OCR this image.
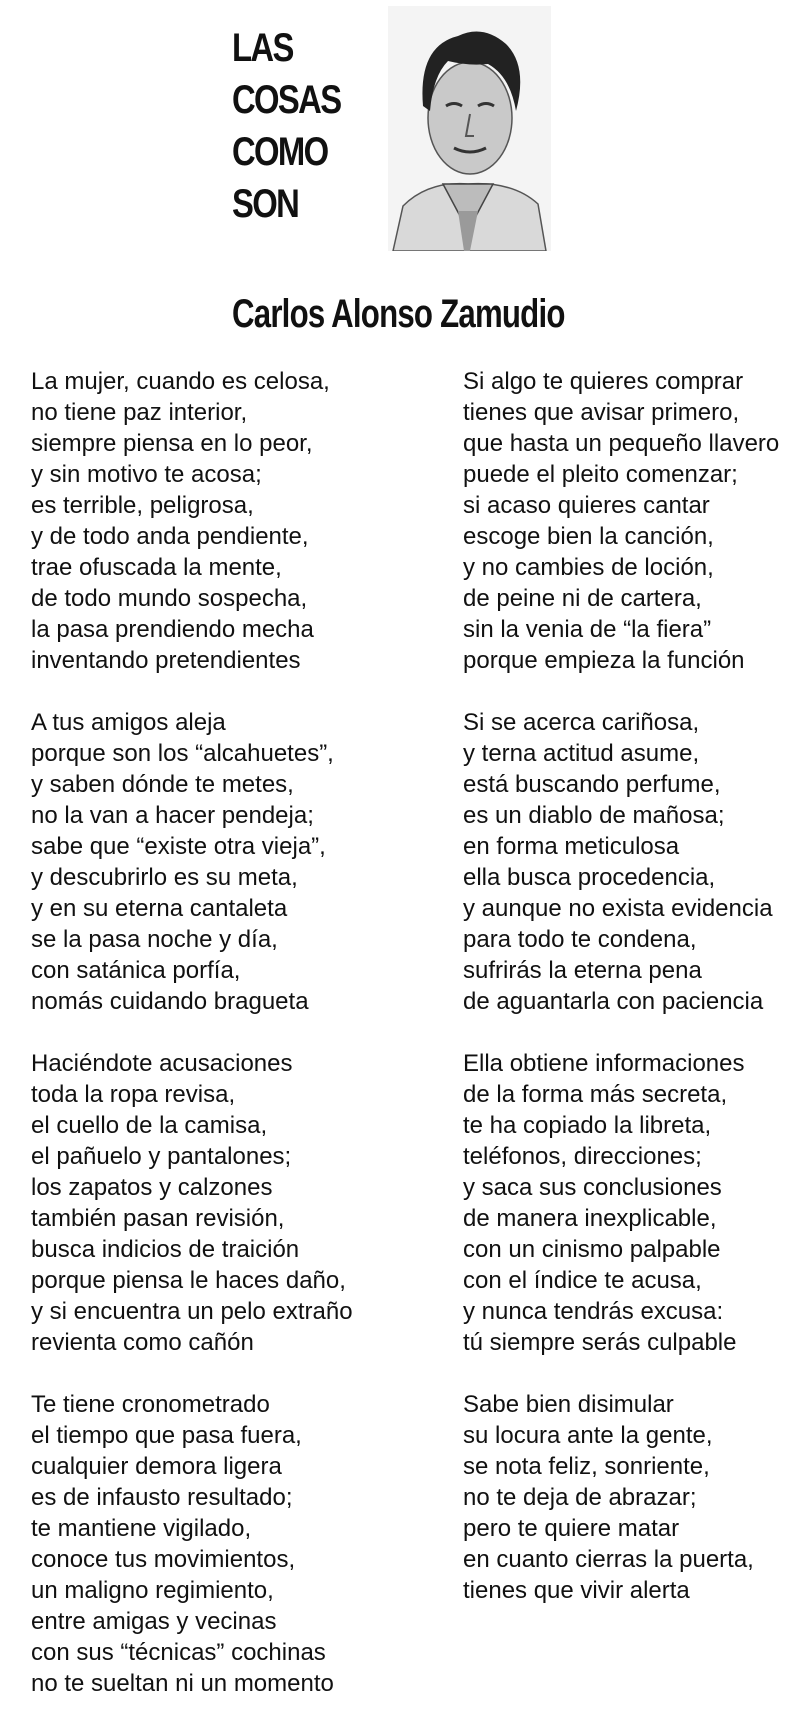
LAS
COSAS
COMO
SON
Carlos Alonso Zamudio
La mujer, cuando es celosa,
no tiene paz interior,
siempre piensa en lo peor,
y sin motivo te acosa;
es terrible, peligrosa,
y de todo anda pendiente,
trae ofuscada la mente,
de todo mundo sospecha,
la pasa prendiendo mecha
inventando pretendientes
A tus amigos aleja
porque son los “alcahuetes”,
y saben dónde te metes,
no la van a hacer pendeja;
sabe que “existe otra vieja”,
y descubrirlo es su meta,
y en su eterna cantaleta
se la pasa noche y día,
con satánica porfía,
nomás cuidando bragueta
Haciéndote acusaciones
toda la ropa revisa,
el cuello de la camisa,
el pañuelo y pantalones;
los zapatos y calzones
también pasan revisión,
busca indicios de traición
porque piensa le haces daño,
y si encuentra un pelo extraño
revienta como cañón
Te tiene cronometrado
el tiempo que pasa fuera,
cualquier demora ligera
es de infausto resultado;
te mantiene vigilado,
conoce tus movimientos,
un maligno regimiento,
entre amigas y vecinas
con sus “técnicas” cochinas
no te sueltan ni un momento
Si algo te quieres comprar
tienes que avisar primero,
que hasta un pequeño llavero
puede el pleito comenzar;
si acaso quieres cantar
escoge bien la canción,
y no cambies de loción,
de peine ni de cartera,
sin la venia de “la fiera”
porque empieza la función
Si se acerca cariñosa,
y terna actitud asume,
está buscando perfume,
es un diablo de mañosa;
en forma meticulosa
ella busca procedencia,
y aunque no exista evidencia
para todo te condena,
sufrirás la eterna pena
de aguantarla con paciencia
Ella obtiene informaciones
de la forma más secreta,
te ha copiado la libreta,
teléfonos, direcciones;
y saca sus conclusiones
de manera inexplicable,
con un cinismo palpable
con el índice te acusa,
y nunca tendrás excusa:
tú siempre serás culpable
Sabe bien disimular
su locura ante la gente,
se nota feliz, sonriente,
no te deja de abrazar;
pero te quiere matar
en cuanto cierras la puerta,
tienes que vivir alerta
